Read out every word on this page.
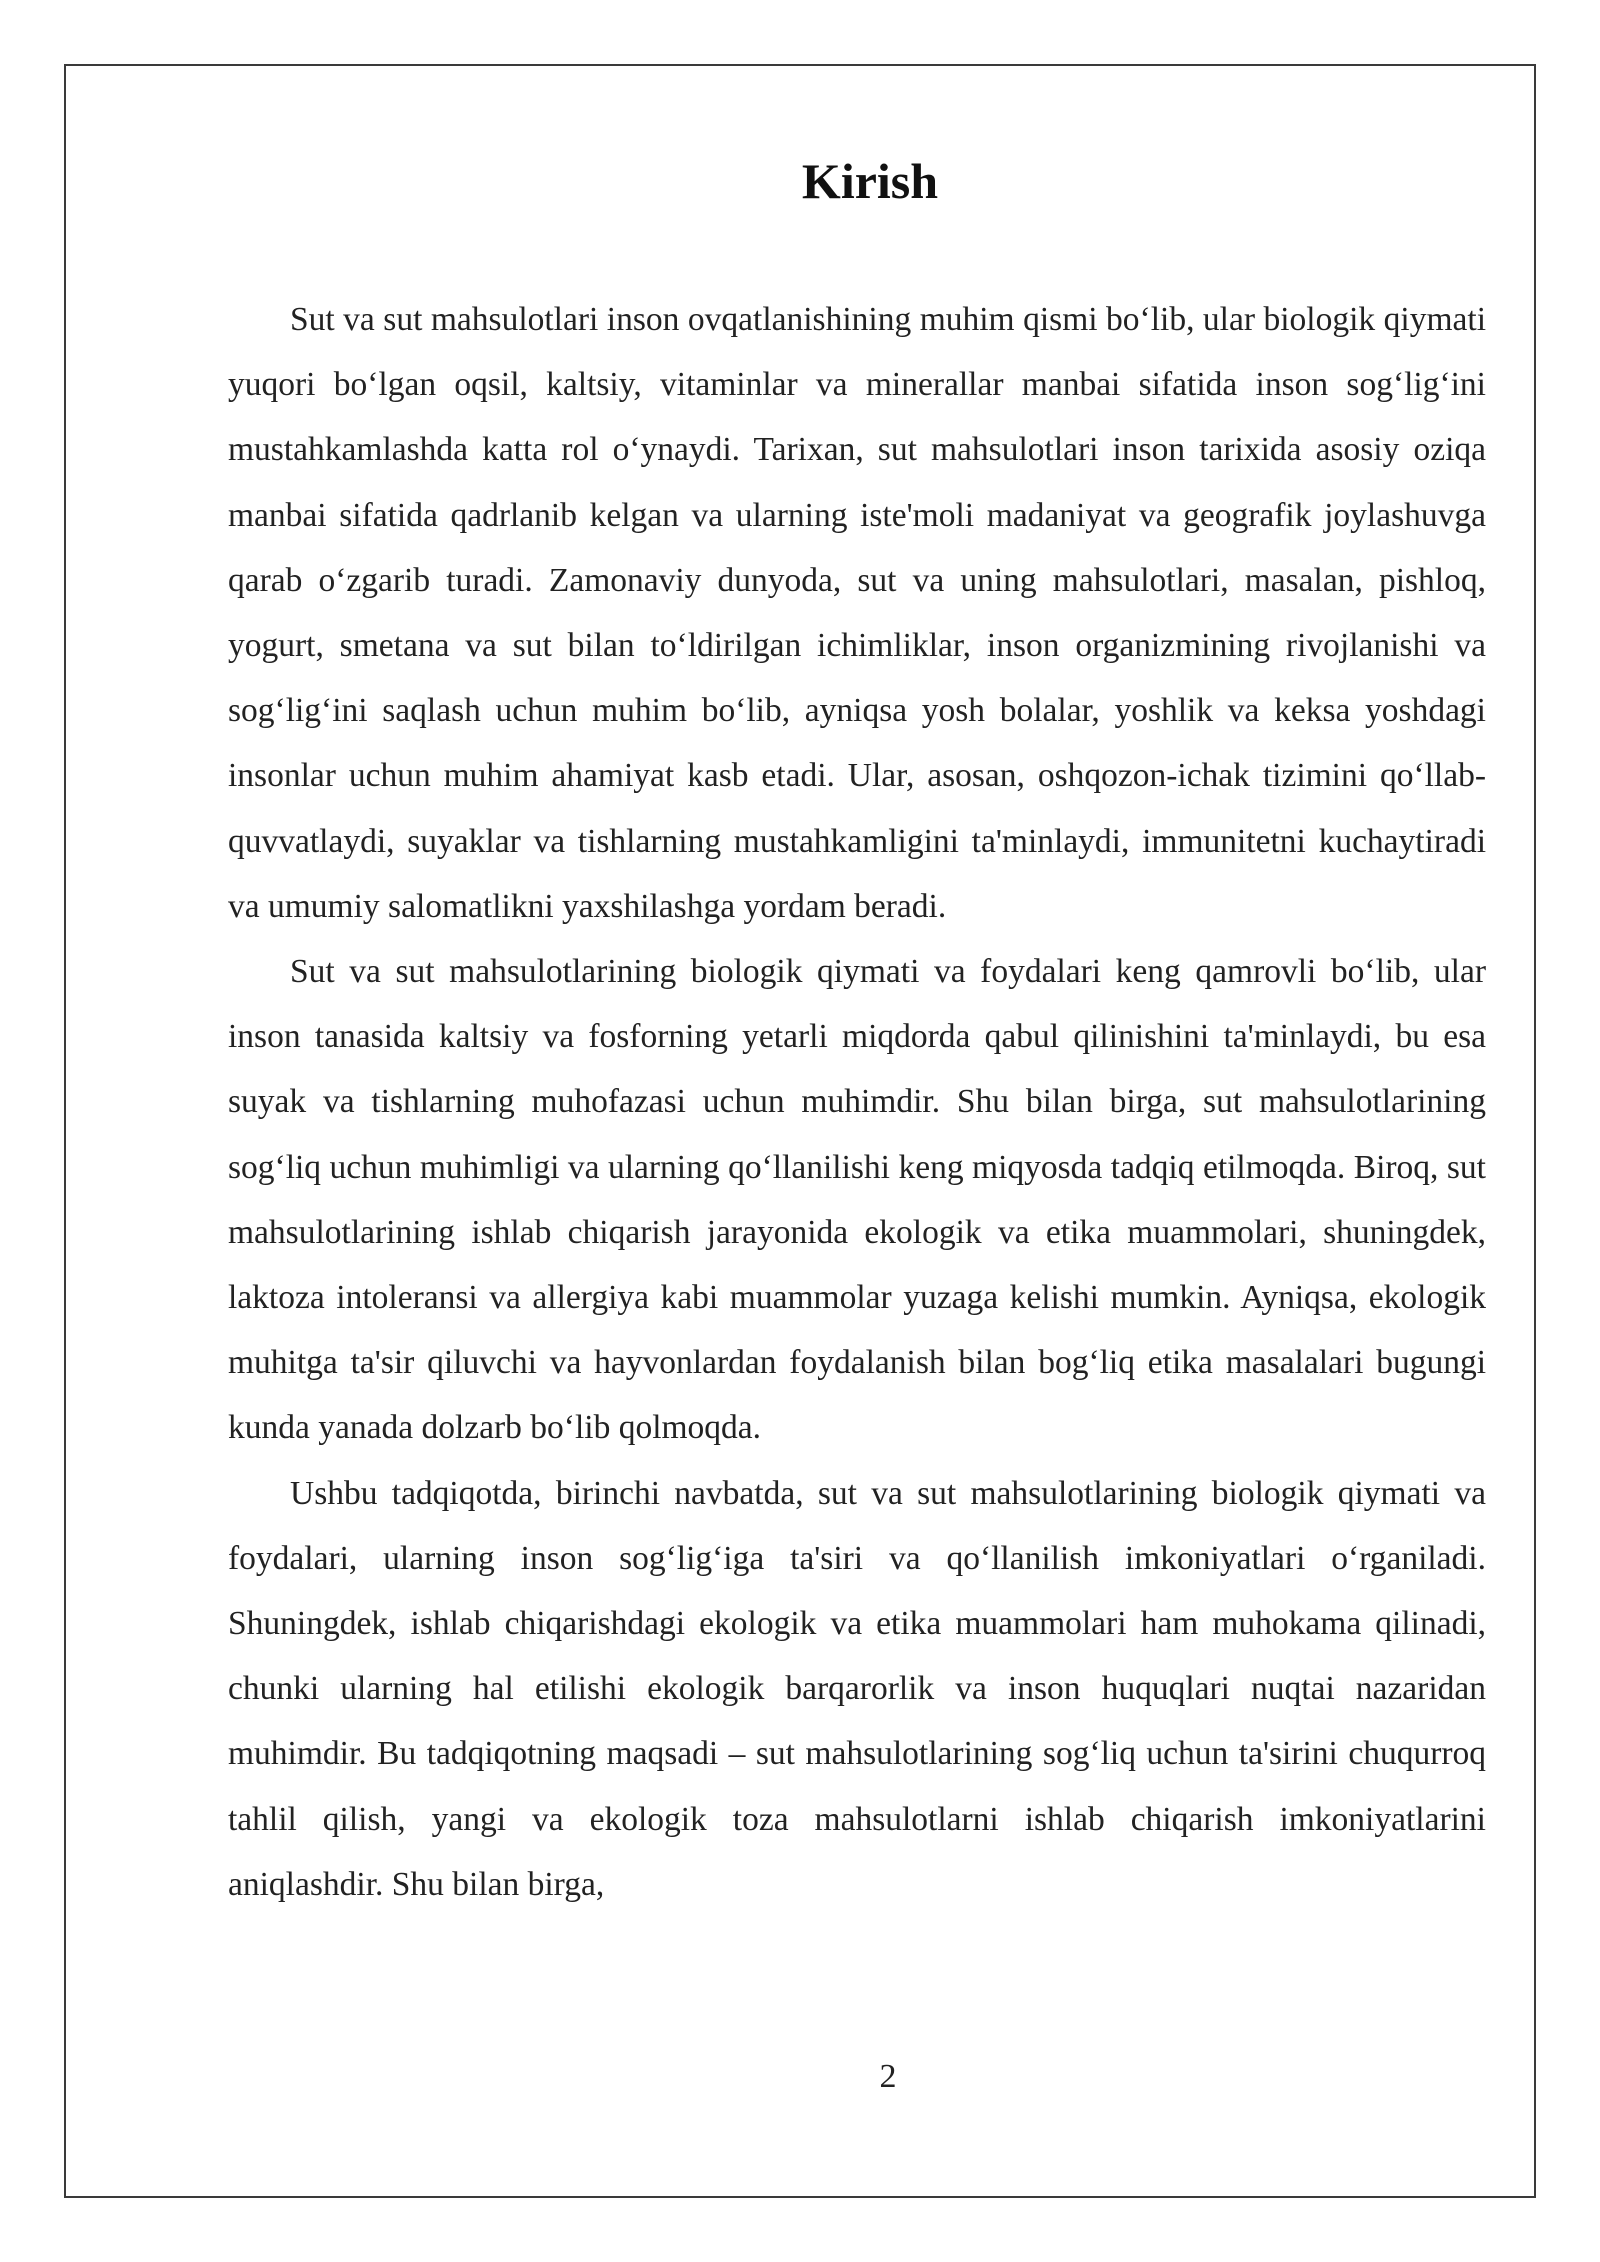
Kirish

Sut va sut mahsulotlari inson ovqatlanishining muhim qismi bo‘lib, ular biologik qiymati yuqori bo‘lgan oqsil, kaltsiy, vitaminlar va minerallar manbai sifatida inson sog‘lig‘ini mustahkamlashda katta rol o‘ynaydi. Tarixan, sut mahsulotlari inson tarixida asosiy oziqa manbai sifatida qadrlanib kelgan va ularning iste'moli madaniyat va geografik joylashuvga qarab o‘zgarib turadi. Zamonaviy dunyoda, sut va uning mahsulotlari, masalan, pishloq, yogurt, smetana va sut bilan to‘ldirilgan ichimliklar, inson organizmining rivojlanishi va sog‘lig‘ini saqlash uchun muhim bo‘lib, ayniqsa yosh bolalar, yoshlik va keksa yoshdagi insonlar uchun muhim ahamiyat kasb etadi. Ular, asosan, oshqozon-ichak tizimini qo‘llab-quvvatlaydi, suyaklar va tishlarning mustahkamligini ta'minlaydi, immunitetni kuchaytiradi va umumiy salomatlikni yaxshilashga yordam beradi.

Sut va sut mahsulotlarining biologik qiymati va foydalari keng qamrovli bo‘lib, ular inson tanasida kaltsiy va fosforning yetarli miqdorda qabul qilinishini ta'minlaydi, bu esa suyak va tishlarning muhofazasi uchun muhimdir. Shu bilan birga, sut mahsulotlarining sog‘liq uchun muhimligi va ularning qo‘llanilishi keng miqyosda tadqiq etilmoqda. Biroq, sut mahsulotlarining ishlab chiqarish jarayonida ekologik va etika muammolari, shuningdek, laktoza intoleransi va allergiya kabi muammolar yuzaga kelishi mumkin. Ayniqsa, ekologik muhitga ta'sir qiluvchi va hayvonlardan foydalanish bilan bog‘liq etika masalalari bugungi kunda yanada dolzarb bo‘lib qolmoqda.

Ushbu tadqiqotda, birinchi navbatda, sut va sut mahsulotlarining biologik qiymati va foydalari, ularning inson sog‘lig‘iga ta'siri va qo‘llanilish imkoniyatlari o‘rganiladi. Shuningdek, ishlab chiqarishdagi ekologik va etika muammolari ham muhokama qilinadi, chunki ularning hal etilishi ekologik barqarorlik va inson huquqlari nuqtai nazaridan muhimdir. Bu tadqiqotning maqsadi – sut mahsulotlarining sog‘liq uchun ta'sirini chuqurroq tahlil qilish, yangi va ekologik toza mahsulotlarni ishlab chiqarish imkoniyatlarini aniqlashdir. Shu bilan birga,

2
